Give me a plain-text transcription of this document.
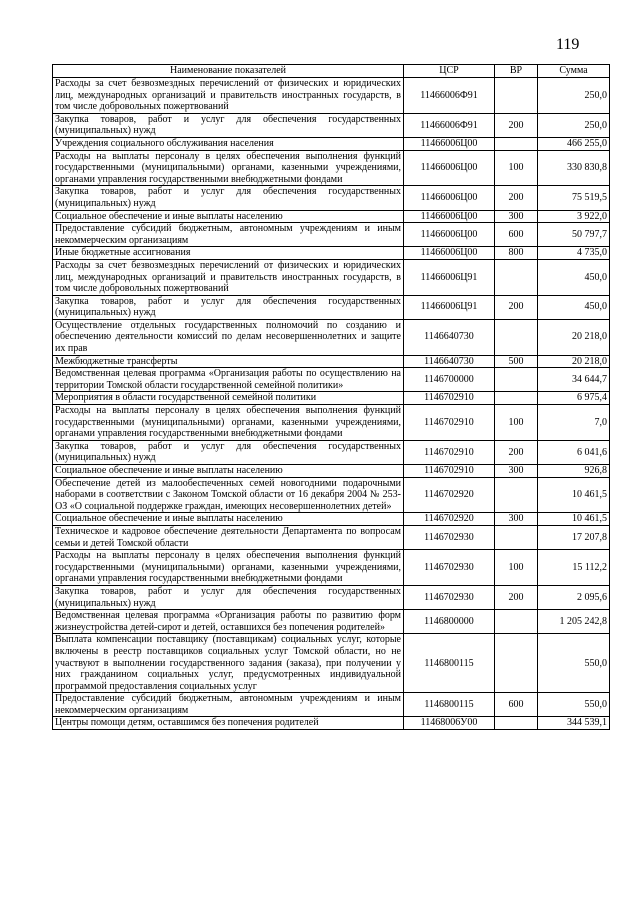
119
Наименование показателей	ЦСР	ВР	Сумма
Расходы за счет безвозмездных перечислений от физических и юридических лиц, международных организаций и правительств иностранных государств, в том числе добровольных пожертвований	11466006Ф91		250,0
Закупка товаров, работ и услуг для обеспечения государственных (муниципальных) нужд	11466006Ф91	200	250,0
Учреждения социального обслуживания населения	11466006Ц00		466 255,0
Расходы на выплаты персоналу в целях обеспечения выполнения функций государственными (муниципальными) органами, казенными учреждениями, органами управления государственными внебюджетными фондами	11466006Ц00	100	330 830,8
Закупка товаров, работ и услуг для обеспечения государственных (муниципальных) нужд	11466006Ц00	200	75 519,5
Социальное обеспечение и иные выплаты населению	11466006Ц00	300	3 922,0
Предоставление субсидий бюджетным, автономным учреждениям и иным некоммерческим организациям	11466006Ц00	600	50 797,7
Иные бюджетные ассигнования	11466006Ц00	800	4 735,0
Расходы за счет безвозмездных перечислений от физических и юридических лиц, международных организаций и правительств иностранных государств, в том числе добровольных пожертвований	11466006Ц91		450,0
Закупка товаров, работ и услуг для обеспечения государственных (муниципальных) нужд	11466006Ц91	200	450,0
Осуществление отдельных государственных полномочий по созданию и обеспечению деятельности комиссий по делам несовершеннолетних и защите их прав	1146640730		20 218,0
Межбюджетные трансферты	1146640730	500	20 218,0
Ведомственная целевая программа «Организация работы по осуществлению на территории Томской области государственной семейной политики»	1146700000		34 644,7
Мероприятия в области государственной семейной политики	1146702910		6 975,4
Расходы на выплаты персоналу в целях обеспечения выполнения функций государственными (муниципальными) органами, казенными учреждениями, органами управления государственными внебюджетными фондами	1146702910	100	7,0
Закупка товаров, работ и услуг для обеспечения государственных (муниципальных) нужд	1146702910	200	6 041,6
Социальное обеспечение и иные выплаты населению	1146702910	300	926,8
Обеспечение детей из малообеспеченных семей новогодними подарочными наборами в соответствии с Законом Томской области от 16 декабря 2004 № 253-ОЗ «О социальной поддержке граждан, имеющих несовершеннолетних детей»	1146702920		10 461,5
Социальное обеспечение и иные выплаты населению	1146702920	300	10 461,5
Техническое и кадровое обеспечение деятельности Департамента по вопросам семьи и детей Томской области	1146702930		17 207,8
Расходы на выплаты персоналу в целях обеспечения выполнения функций государственными (муниципальными) органами, казенными учреждениями, органами управления государственными внебюджетными фондами	1146702930	100	15 112,2
Закупка товаров, работ и услуг для обеспечения государственных (муниципальных) нужд	1146702930	200	2 095,6
Ведомственная целевая программа «Организация работы по развитию форм жизнеустройства детей-сирот и детей, оставшихся без попечения родителей»	1146800000		1 205 242,8
Выплата компенсации поставщику (поставщикам) социальных услуг, которые включены в реестр поставщиков социальных услуг Томской области, но не участвуют в выполнении государственного задания (заказа), при получении у них гражданином социальных услуг, предусмотренных индивидуальной программой предоставления социальных услуг	1146800115		550,0
Предоставление субсидий бюджетным, автономным учреждениям и иным некоммерческим организациям	1146800115	600	550,0
Центры помощи детям, оставшимся без попечения родителей	11468006У00		344 539,1
